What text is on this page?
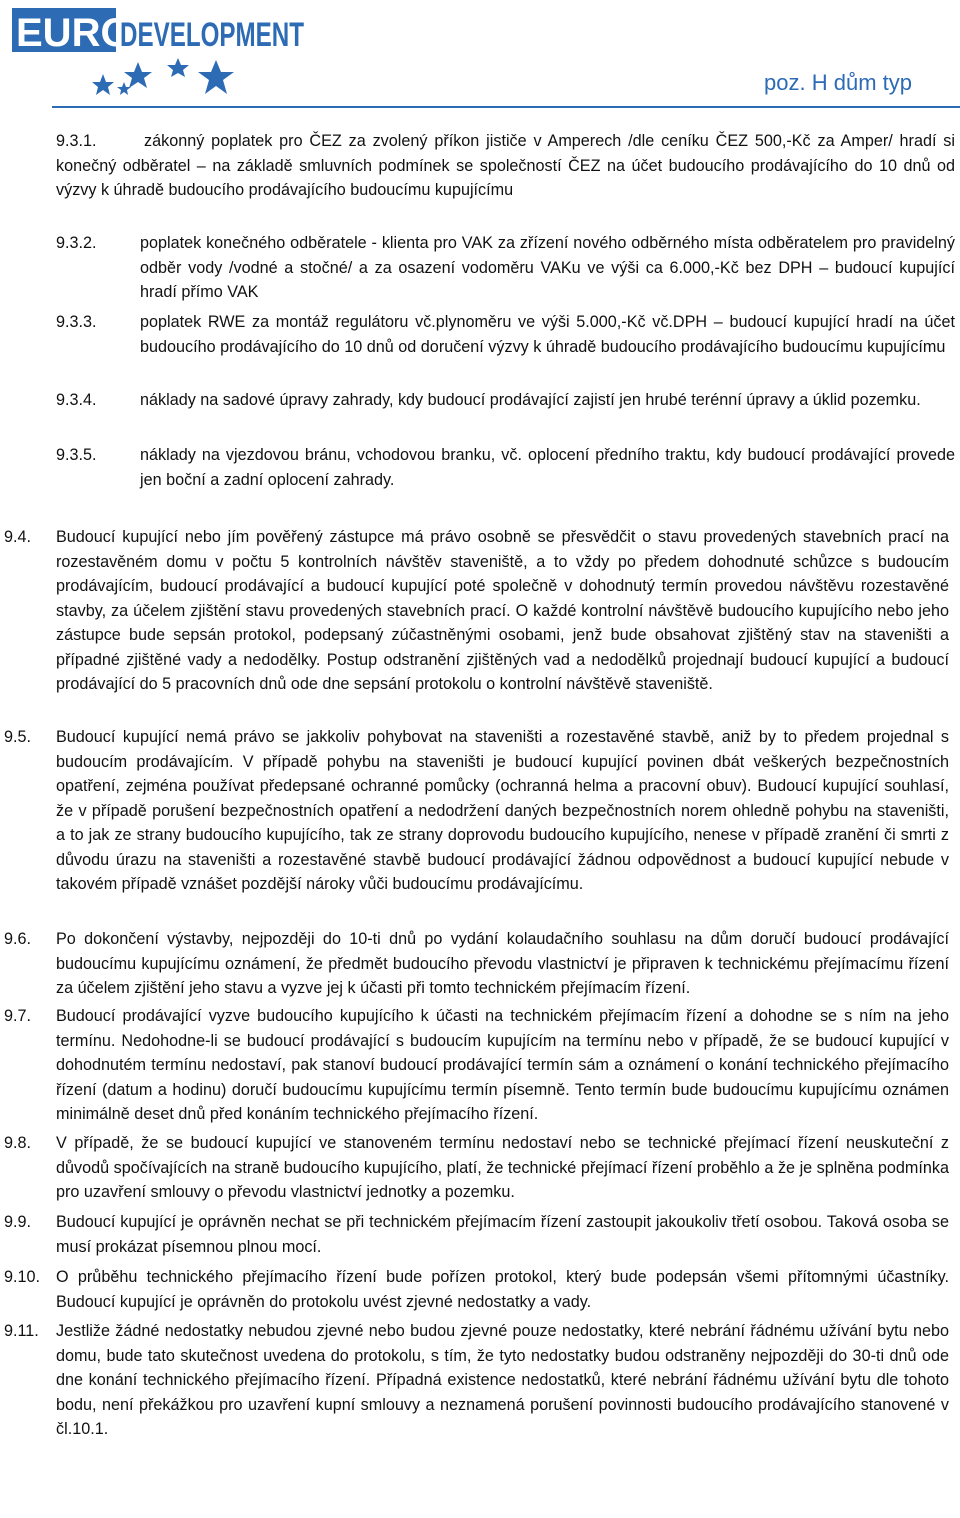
EURO
DEVELOPMENT
poz. H dům typ
9.3.1.	zákonný poplatek pro ČEZ za zvolený příkon jističe v Amperech /dle ceníku ČEZ 500,-Kč za Amper/ hradí si konečný odběratel – na základě smluvních podmínek se společností ČEZ na účet budoucího prodávajícího do 10 dnů od výzvy k úhradě budoucího prodávajícího budoucímu kupujícímu
9.3.2.	poplatek konečného odběratele - klienta pro VAK za zřízení nového odběrného místa odběratelem pro pravidelný odběr vody /vodné a stočné/ a za osazení vodoměru VAKu ve výši ca 6.000,-Kč bez DPH – budoucí kupující hradí přímo VAK
9.3.3.	poplatek RWE za montáž regulátoru vč.plynoměru ve výši 5.000,-Kč vč.DPH – budoucí kupující hradí na účet budoucího prodávajícího do 10 dnů od doručení výzvy k úhradě budoucího prodávajícího budoucímu kupujícímu
9.3.4.	náklady na sadové úpravy zahrady, kdy budoucí prodávající zajistí jen hrubé terénní úpravy a úklid pozemku.
9.3.5.	náklady na vjezdovou bránu, vchodovou branku, vč. oplocení předního traktu, kdy budoucí prodávající provede jen boční a zadní oplocení zahrady.
9.4. Budoucí kupující nebo jím pověřený zástupce má právo osobně se přesvědčit o stavu provedených stavebních prací na rozestavěném domu v počtu 5 kontrolních návštěv staveniště, a to vždy po předem dohodnuté schůzce s budoucím prodávajícím, budoucí prodávající a budoucí kupující poté společně v dohodnutý termín provedou návštěvu rozestavěné stavby, za účelem zjištění stavu provedených stavebních prací. O každé kontrolní návštěvě budoucího kupujícího nebo jeho zástupce bude sepsán protokol, podepsaný zúčastněnými osobami, jenž bude obsahovat zjištěný stav na staveništi a případné zjištěné vady a nedodělky. Postup odstranění zjištěných vad a nedodělků projednají budoucí kupující a budoucí prodávající do 5 pracovních dnů ode dne sepsání protokolu o kontrolní návštěvě staveniště.
9.5. Budoucí kupující nemá právo se jakkoliv pohybovat na staveništi a rozestavěné stavbě, aniž by to předem projednal s budoucím prodávajícím. V případě pohybu na staveništi je budoucí kupující povinen dbát veškerých bezpečnostních opatření, zejména používat předepsané ochranné pomůcky (ochranná helma a pracovní obuv). Budoucí kupující souhlasí, že v případě porušení bezpečnostních opatření a nedodržení daných bezpečnostních norem ohledně pohybu na staveništi, a to jak ze strany budoucího kupujícího, tak ze strany doprovodu budoucího kupujícího, nenese v případě zranění či smrti z důvodu úrazu na staveništi a rozestavěné stavbě budoucí prodávající žádnou odpovědnost a budoucí kupující nebude v takovém případě vznášet pozdější nároky vůči budoucímu prodávajícímu.
9.6. Po dokončení výstavby, nejpozději do 10-ti dnů po vydání kolaudačního souhlasu na dům doručí budoucí prodávající budoucímu kupujícímu oznámení, že předmět budoucího převodu vlastnictví je připraven k technickému přejímacímu řízení za účelem zjištění jeho stavu a vyzve jej k účasti při tomto technickém přejímacím řízení.
9.7. Budoucí prodávající vyzve budoucího kupujícího k účasti na technickém přejímacím řízení a dohodne se s ním na jeho termínu. Nedohodne-li se budoucí prodávající s budoucím kupujícím na termínu nebo v případě, že se budoucí kupující v dohodnutém termínu nedostaví, pak stanoví budoucí prodávající termín sám a oznámení o konání technického přejímacího řízení (datum a hodinu) doručí budoucímu kupujícímu termín písemně. Tento termín bude budoucímu kupujícímu oznámen minimálně deset dnů před konáním technického přejímacího řízení.
9.8. V případě, že se budoucí kupující ve stanoveném termínu nedostaví nebo se technické přejímací řízení neuskuteční z důvodů spočívajících na straně budoucího kupujícího, platí, že technické přejímací řízení proběhlo a že je splněna podmínka pro uzavření smlouvy o převodu vlastnictví jednotky a pozemku.
9.9. Budoucí kupující je oprávněn nechat se při technickém přejímacím řízení zastoupit jakoukoliv třetí osobou. Taková osoba se musí prokázat písemnou plnou mocí.
9.10. O průběhu technického přejímacího řízení bude pořízen protokol, který bude podepsán všemi přítomnými účastníky. Budoucí kupující je oprávněn do protokolu uvést zjevné nedostatky a vady.
9.11. Jestliže žádné nedostatky nebudou zjevné nebo budou zjevné pouze nedostatky, které nebrání řádnému užívání bytu nebo domu, bude tato skutečnost uvedena do protokolu, s tím, že tyto nedostatky budou odstraněny nejpozději do 30-ti dnů ode dne konání technického přejímacího řízení. Případná existence nedostatků, které nebrání řádnému užívání bytu dle tohoto bodu, není překážkou pro uzavření kupní smlouvy a neznamená porušení povinnosti budoucího prodávajícího stanovené v čl.10.1.
